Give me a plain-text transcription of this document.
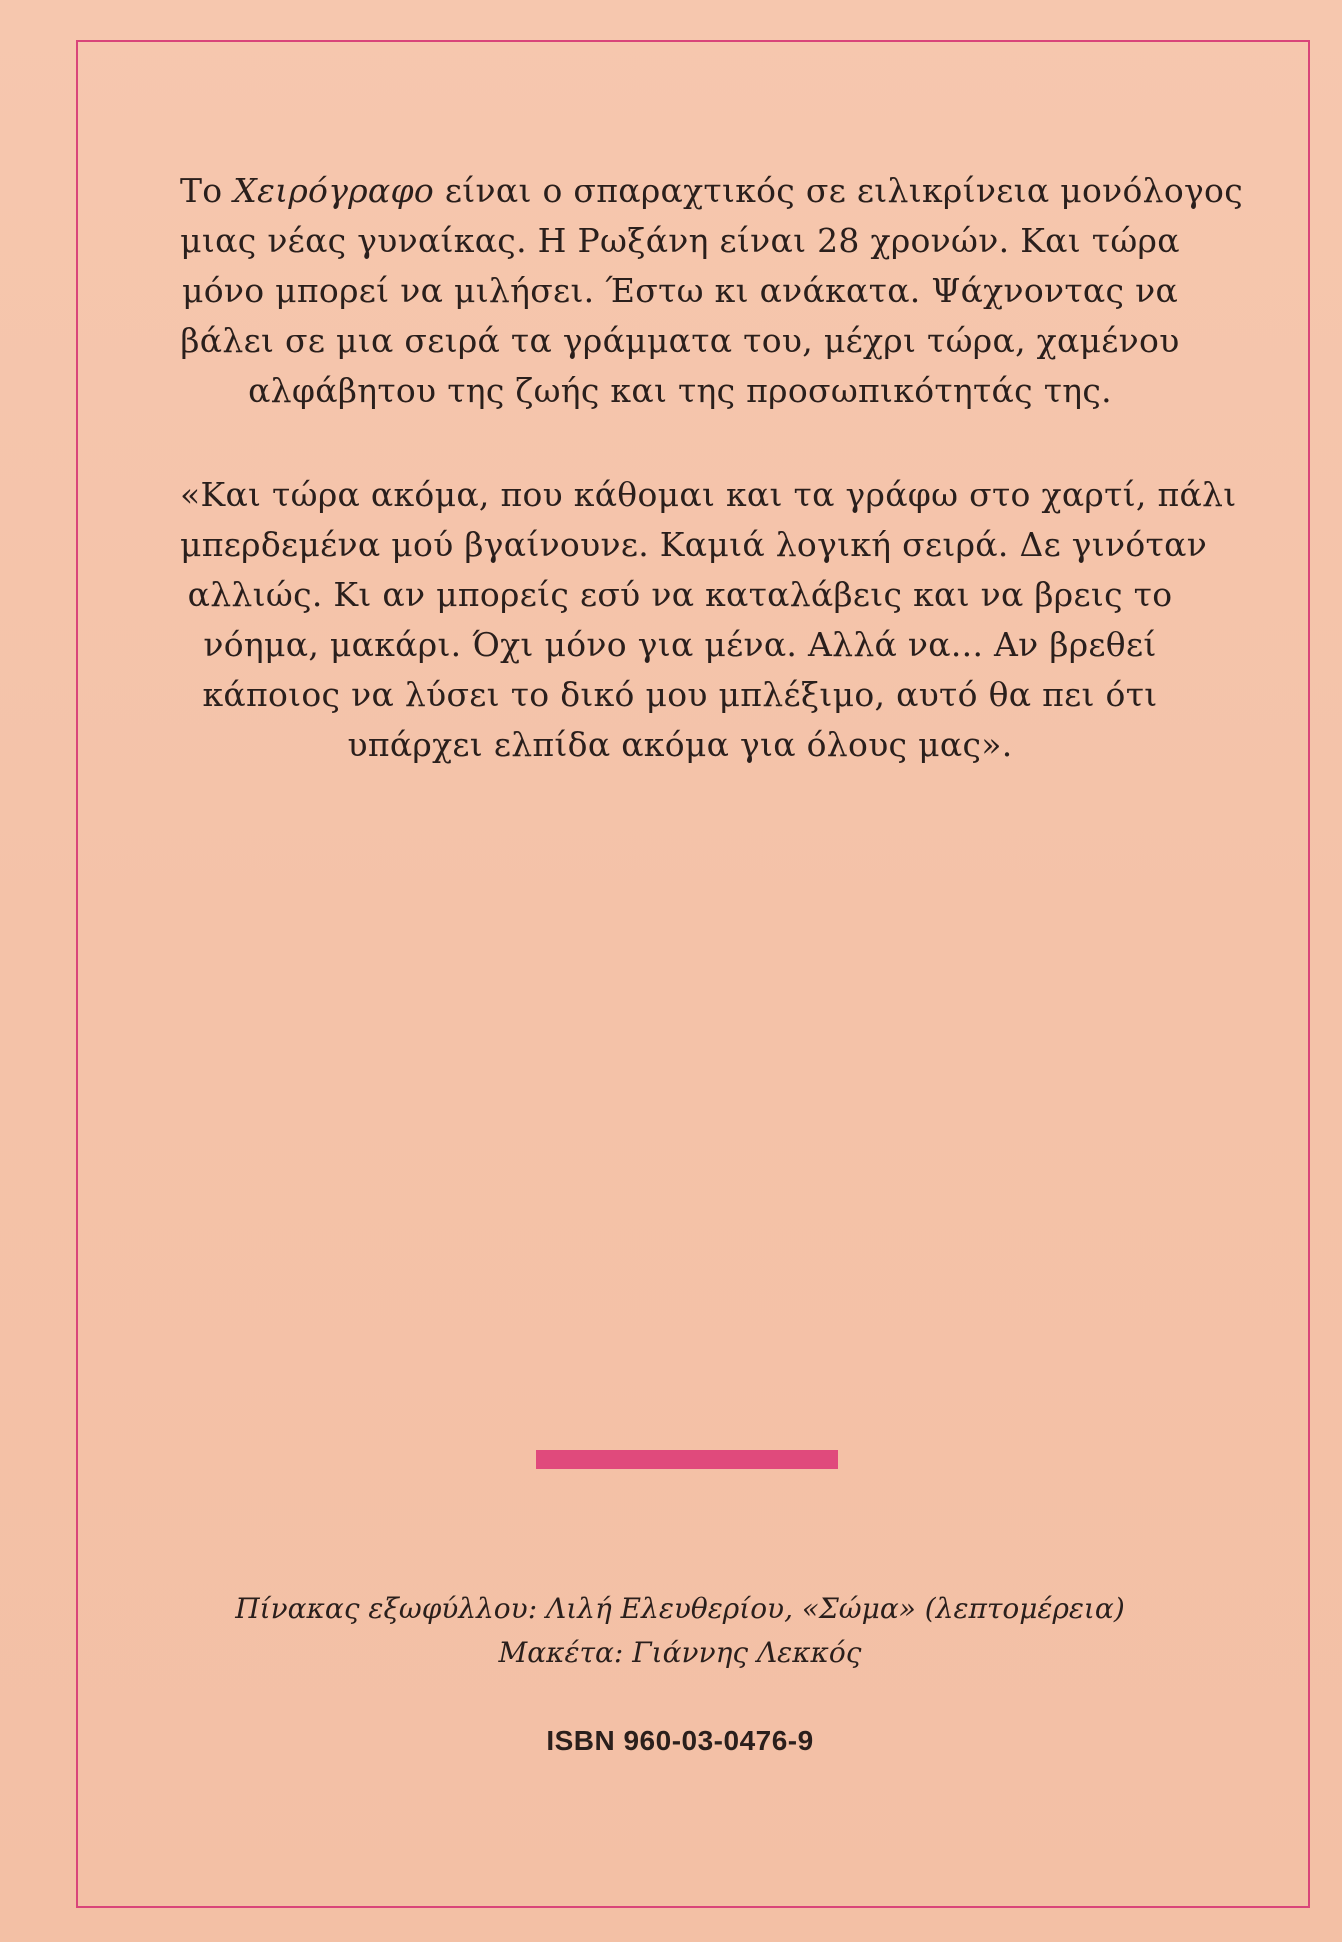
Το Χειρόγραφο είναι ο σπαραχτικός σε ειλικρίνεια μονόλογος
μιας νέας γυναίκας. Η Ρωξάνη είναι 28 χρονών. Και τώρα
μόνο μπορεί να μιλήσει. Έστω κι ανάκατα. Ψάχνοντας να
βάλει σε μια σειρά τα γράμματα του, μέχρι τώρα, χαμένου
αλφάβητου της ζωής και της προσωπικότητάς της.
«Και τώρα ακόμα, που κάθομαι και τα γράφω στο χαρτί, πάλι
μπερδεμένα μού βγαίνουνε. Καμιά λογική σειρά. Δε γινόταν
αλλιώς. Κι αν μπορείς εσύ να καταλάβεις και να βρεις το
νόημα, μακάρι. Όχι μόνο για μένα. Αλλά να... Αν βρεθεί
κάποιος να λύσει το δικό μου μπλέξιμο, αυτό θα πει ότι
υπάρχει ελπίδα ακόμα για όλους μας».
Πίνακας εξωφύλλου: Λιλή Ελευθερίου, «Σώμα» (λεπτομέρεια)
Μακέτα: Γιάννης Λεκκός
ISBN 960-03-0476-9
